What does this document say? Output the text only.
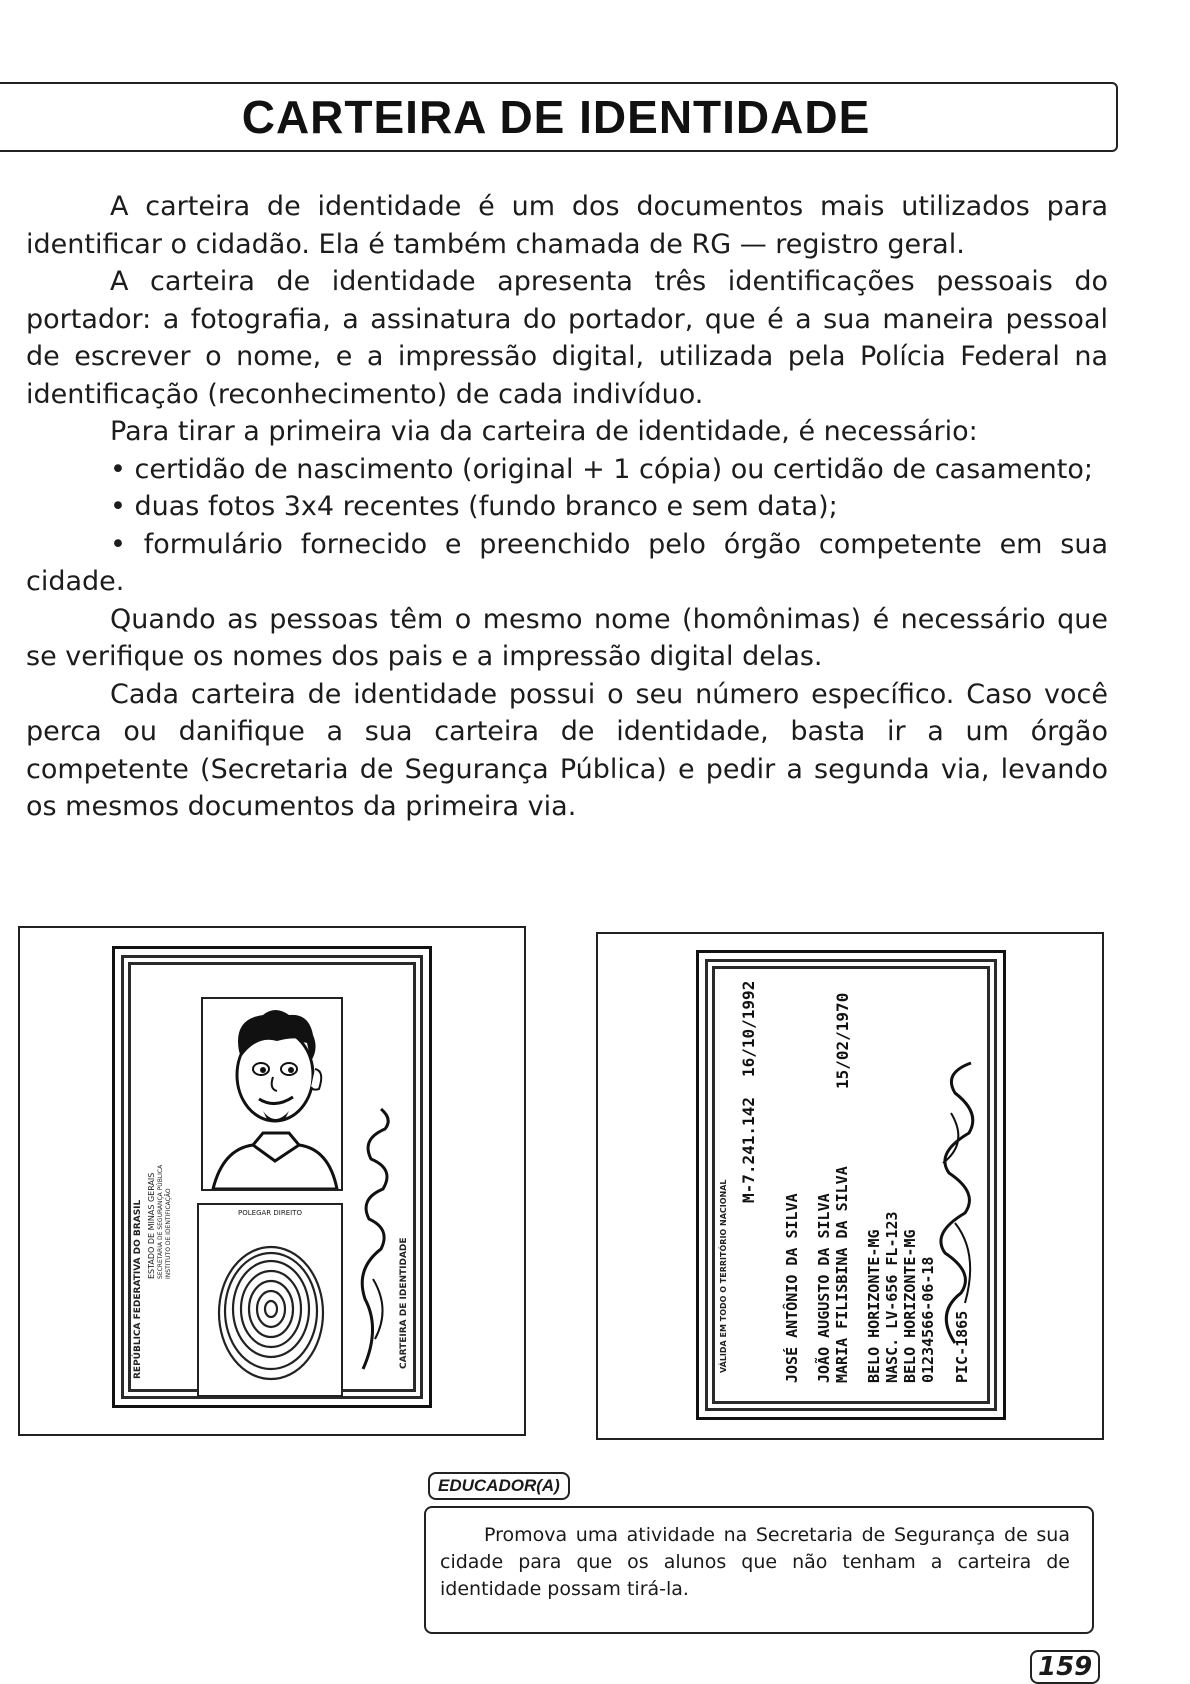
CARTEIRA DE IDENTIDADE

A carteira de identidade é um dos documentos mais utilizados para identificar o cidadão. Ela é também chamada de RG — registro geral.

A carteira de identidade apresenta três identificações pessoais do portador: a fotografia, a assinatura do portador, que é a sua maneira pessoal de escrever o nome, e a impressão digital, utilizada pela Polícia Federal na identificação (reconhecimento) de cada indivíduo.

Para tirar a primeira via da carteira de identidade, é necessário:

• certidão de nascimento (original + 1 cópia) ou certidão de casamento;

• duas fotos 3x4 recentes (fundo branco e sem data);

• formulário fornecido e preenchido pelo órgão competente em sua cidade.

Quando as pessoas têm o mesmo nome (homônimas) é necessário que se verifique os nomes dos pais e a impressão digital delas.

Cada carteira de identidade possui o seu número específico. Caso você perca ou danifique a sua carteira de identidade, basta ir a um órgão competente (Secretaria de Segurança Pública) e pedir a segunda via, levando os mesmos documentos da primeira via.

REPÚBLICA FEDERATIVA DO BRASIL ESTADO DE MINAS GERAIS SECRETARIA DE SEGURANÇA PÚBLICA INSTITUTO DE IDENTIFICAÇÃO	POLEGAR DIREITO
CARTEIRA DE IDENTIDADE	VÁLIDA EM TODO O TERRITÓRIO NACIONAL
M-7.241.142
16/10/1992
JOSÉ ANTÔNIO DA SILVA JOÃO AUGUSTO DA SILVA MARIA FILISBINA DA SILVA
15/02/1970
BELO HORIZONTE-MG NASC. LV-656 FL-123 BELO HORIZONTE-MG 01234566-06-18 PIC-1865
EDUCADOR(A)

Promova uma atividade na Secretaria de Segurança de sua cidade para que os alunos que não tenham a carteira de identidade possam tirá-la.

159
